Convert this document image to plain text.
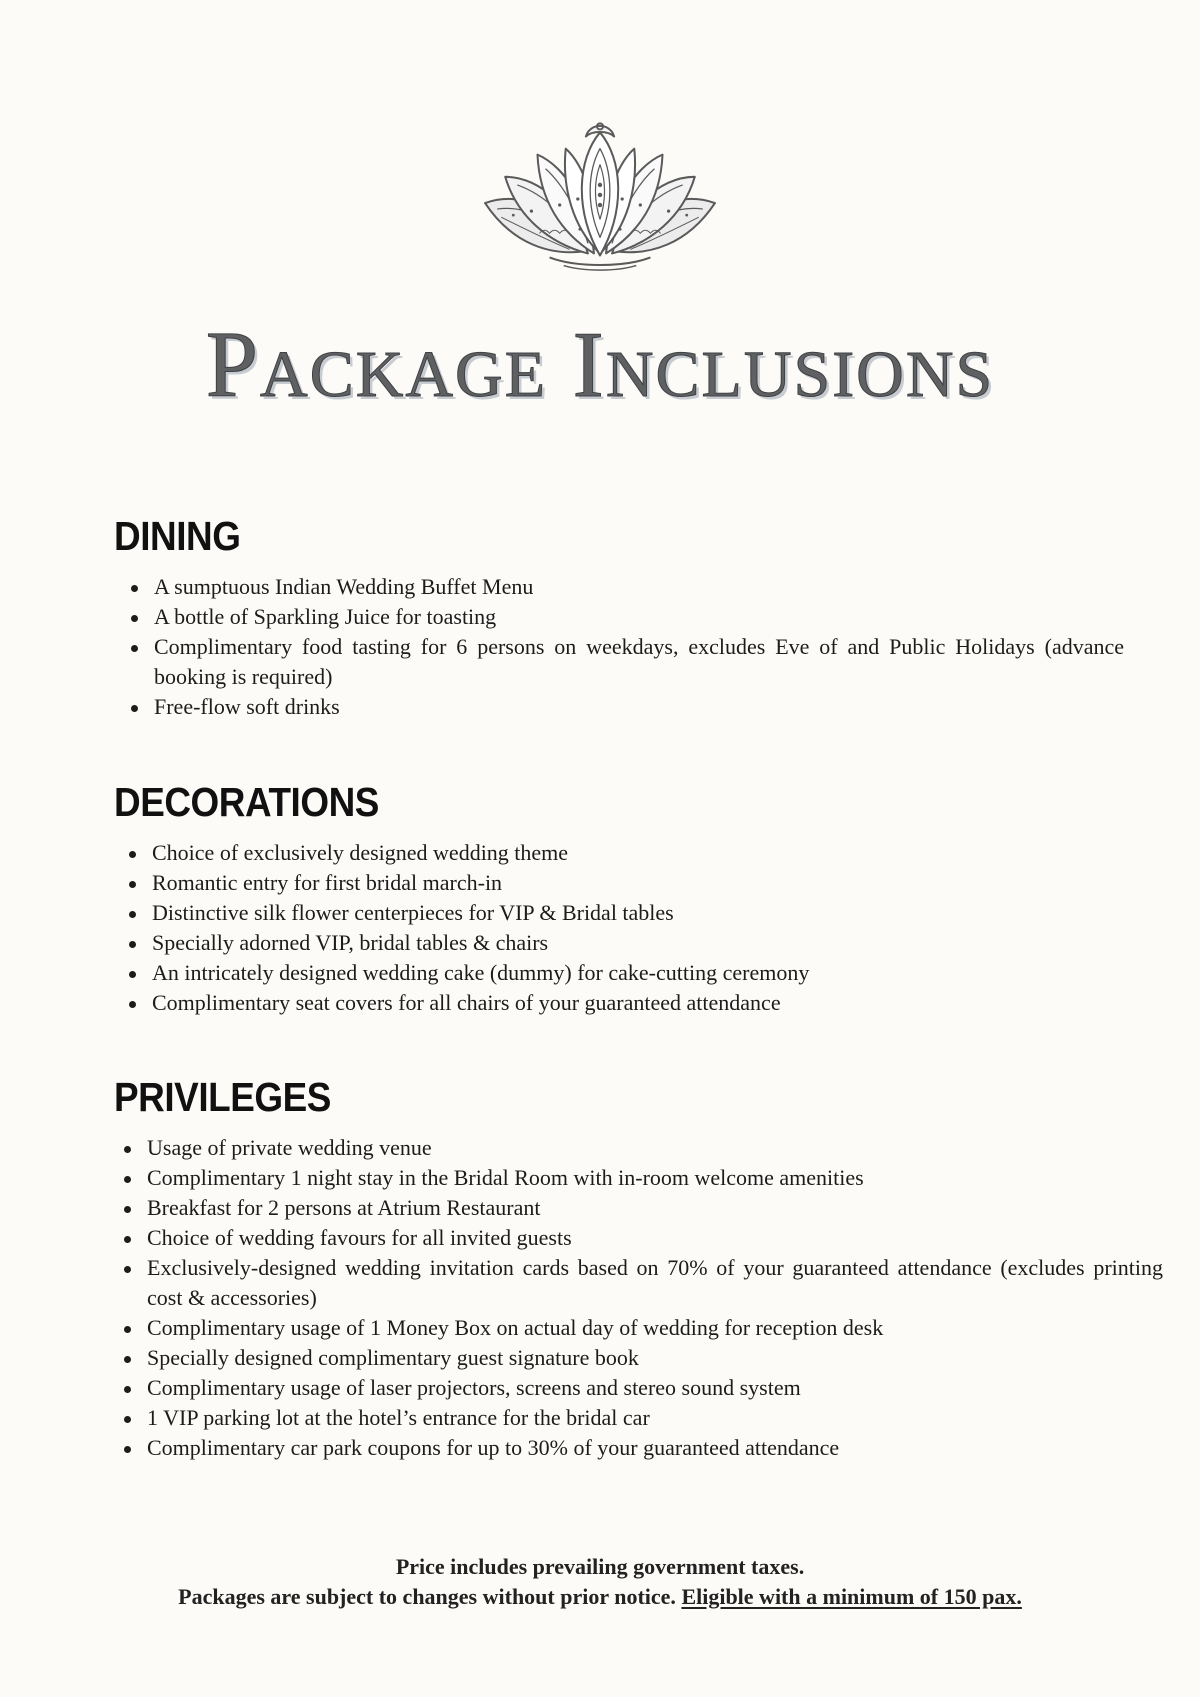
Package Inclusions
DINING
A sumptuous Indian Wedding Buffet Menu
A bottle of Sparkling Juice for toasting
Complimentary food tasting for 6 persons on weekdays, excludes Eve of and Public Holidays (advance booking is required)
Free-flow soft drinks
DECORATIONS
Choice of exclusively designed wedding theme
Romantic entry for first bridal march-in
Distinctive silk flower centerpieces for VIP & Bridal tables
Specially adorned VIP, bridal tables & chairs
An intricately designed wedding cake (dummy) for cake-cutting ceremony
Complimentary seat covers for all chairs of your guaranteed attendance
PRIVILEGES
Usage of private wedding venue
Complimentary 1 night stay in the Bridal Room with in-room welcome amenities
Breakfast for 2 persons at Atrium Restaurant
Choice of wedding favours for all invited guests
Exclusively-designed wedding invitation cards based on 70% of your guaranteed attendance (excludes printing cost & accessories)
Complimentary usage of 1 Money Box on actual day of wedding for reception desk
Specially designed complimentary guest signature book
Complimentary usage of laser projectors, screens and stereo sound system
1 VIP parking lot at the hotel’s entrance for the bridal car
Complimentary car park coupons for up to 30% of your guaranteed attendance

Price includes prevailing government taxes.

Packages are subject to changes without prior notice. Eligible with a minimum of 150 pax.
